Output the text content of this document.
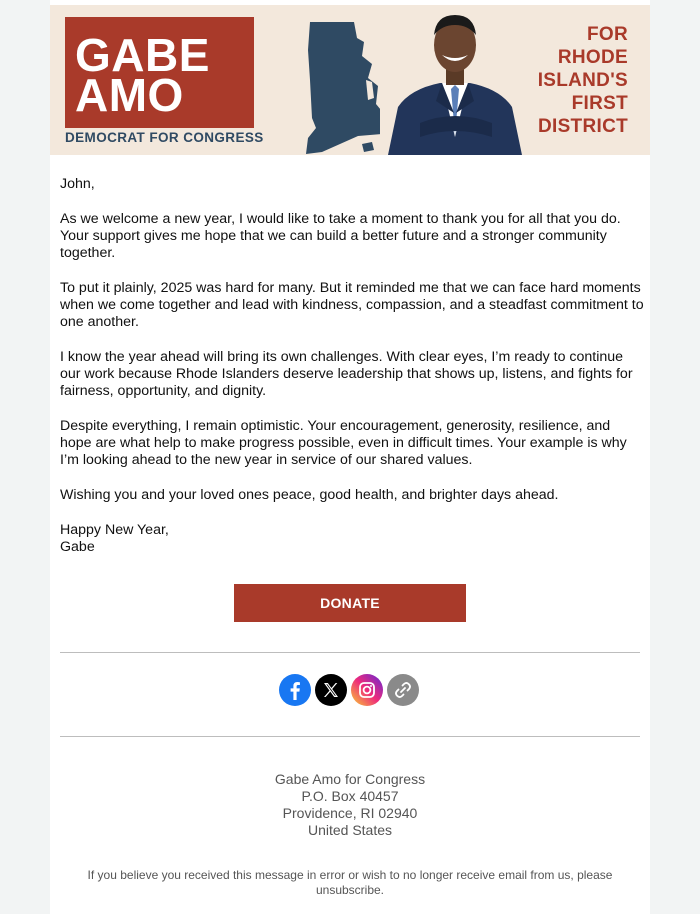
GABE
AMO
DEMOCRAT FOR CONGRESS
FOR
RHODE
ISLAND'S
FIRST
DISTRICT

John,

As we welcome a new year, I would like to take a moment to thank you for all that you do. Your support gives me hope that we can build a better future and a stronger community together.

To put it plainly, 2025 was hard for many. But it reminded me that we can face hard moments when we come together and lead with kindness, compassion, and a steadfast commitment to one another.

I know the year ahead will bring its own challenges. With clear eyes, I’m ready to continue our work because Rhode Islanders deserve leadership that shows up, listens, and fights for fairness, opportunity, and dignity.

Despite everything, I remain optimistic. Your encouragement, generosity, resilience, and hope are what help to make progress possible, even in difficult times. Your example is why I’m looking ahead to the new year in service of our shared values.

Wishing you and your loved ones peace, good health, and brighter days ahead.

Happy New Year,
Gabe

DONATE
Gabe Amo for Congress
P.O. Box 40457
Providence, RI 02940
United States
If you believe you received this message in error or wish to no longer receive email from us, please unsubscribe.
